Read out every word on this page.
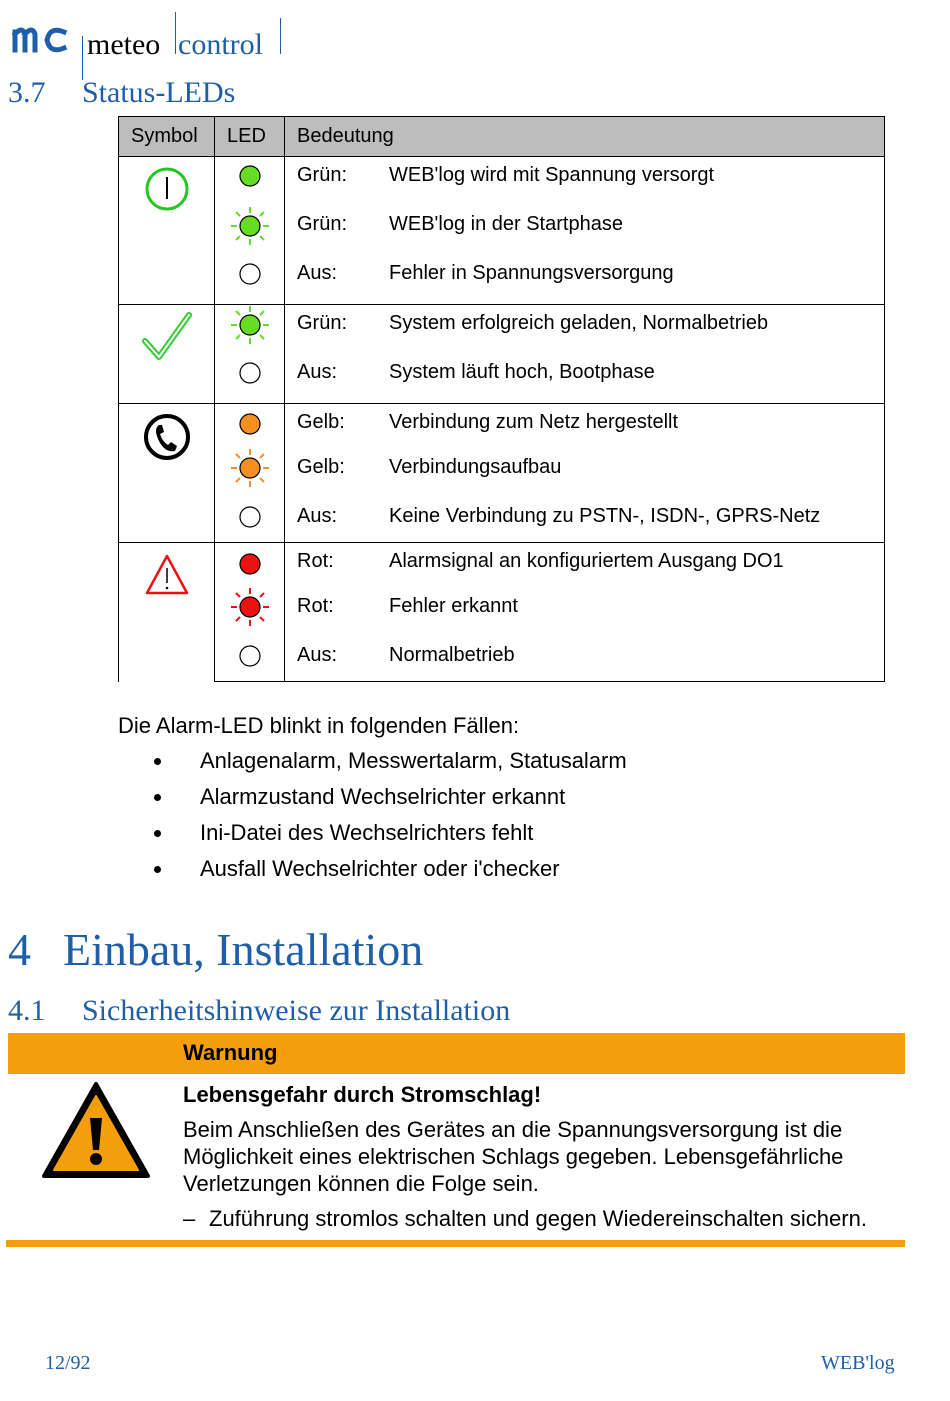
meteo control
3.7 Status-LEDs
Symbol	LED	Bedeutung

Grün: WEB'log wird mit Spannung versorgt

Grün: WEB'log in der Startphase

Aus: Fehler in Spannungsversorgung

Grün: System erfolgreich geladen, Normalbetrieb

Aus: System läuft hoch, Bootphase

Gelb: Verbindung zum Netz hergestellt

Gelb: Verbindungsaufbau

Aus: Keine Verbindung zu PSTN-, ISDN-, GPRS-Netz

Rot: Alarmsignal an konfiguriertem Ausgang DO1

Rot: Fehler erkannt

Aus: Normalbetrieb
Die Alarm-LED blinkt in folgenden Fällen:
Anlagenalarm, Messwertalarm, Statusalarm
Alarmzustand Wechselrichter erkannt
Ini-Datei des Wechselrichters fehlt
Ausfall Wechselrichter oder i'checker
4 Einbau, Installation
4.1 Sicherheitshinweise zur Installation
Warnung
Lebensgefahr durch Stromschlag!
Beim Anschließen des Gerätes an die Spannungsversorgung ist die Möglichkeit eines elektrischen Schlags gegeben. Lebensgefährliche Verletzungen können die Folge sein.
– Zuführung stromlos schalten und gegen Wiedereinschalten sichern.
12/92	WEB'log
